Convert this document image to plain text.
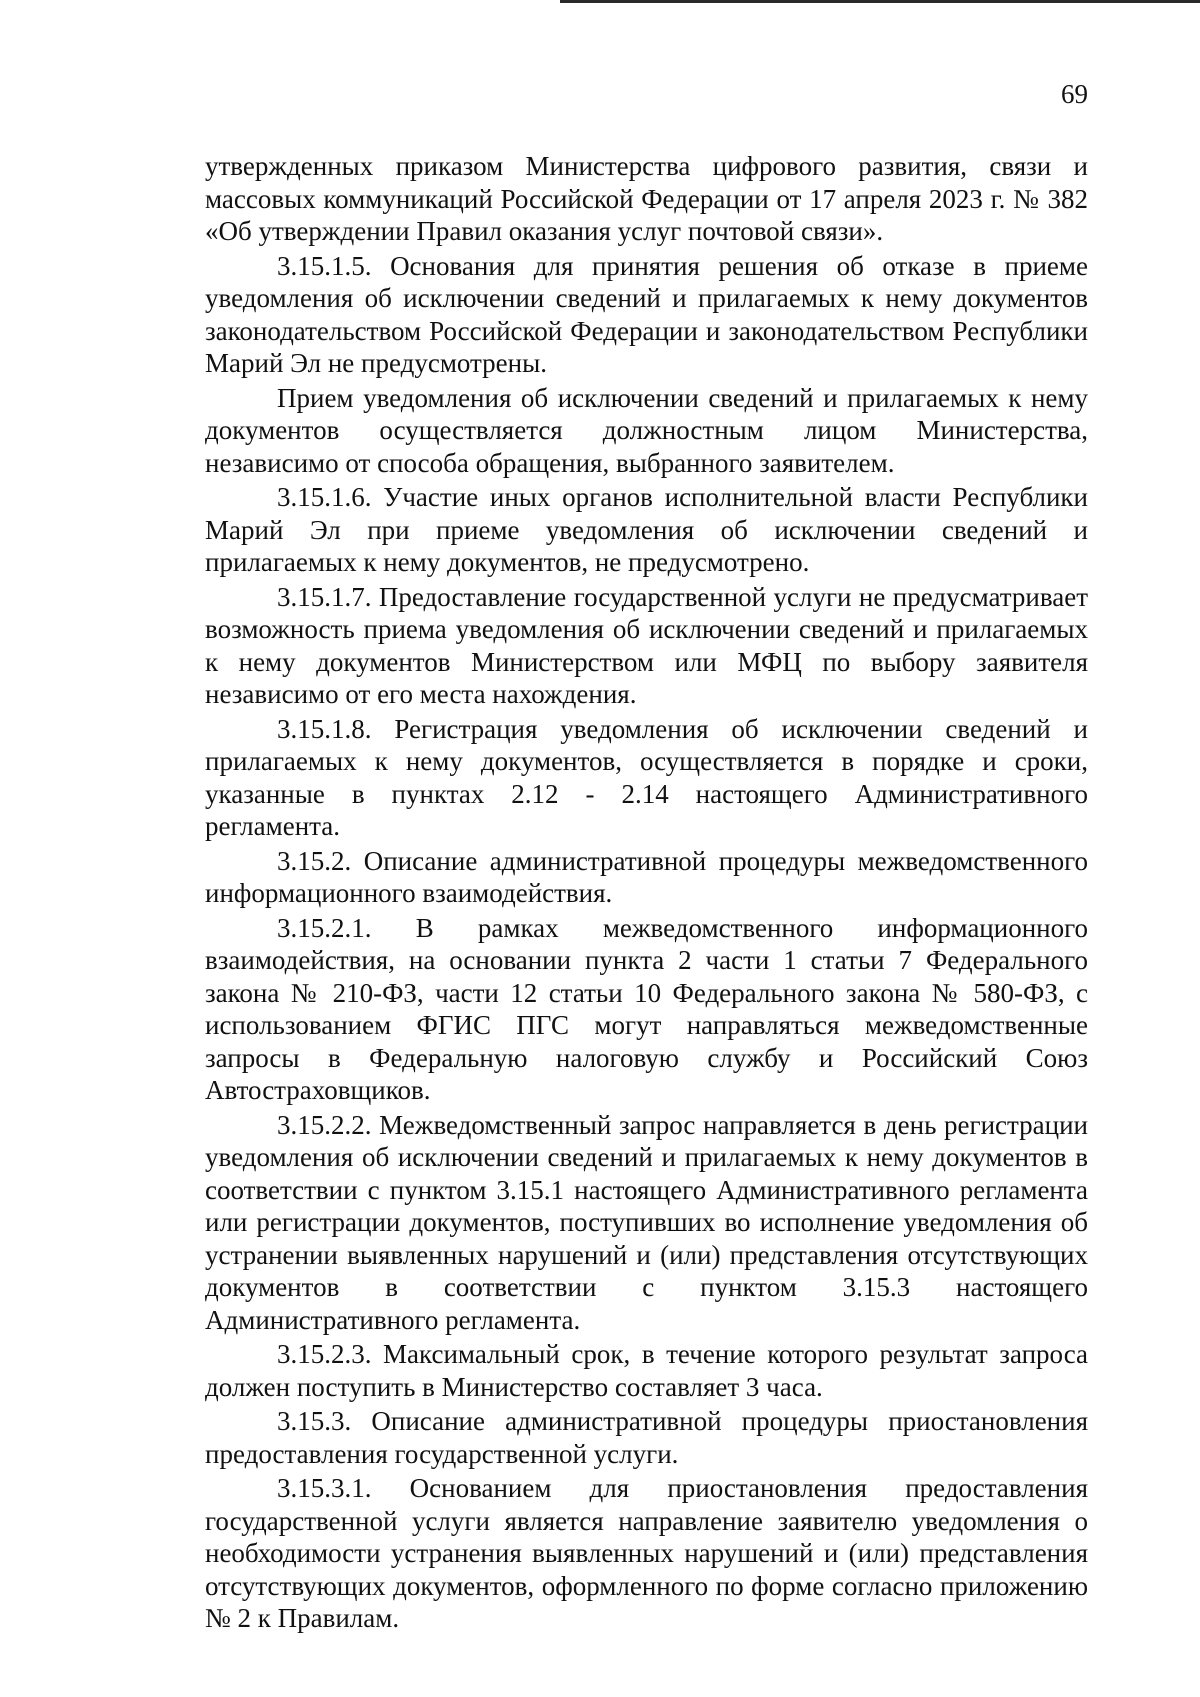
69

утвержденных приказом Министерства цифрового развития, связи и массовых коммуникаций Российской Федерации от 17 апреля 2023 г. № 382 «Об утверждении Правил оказания услуг почтовой связи».

3.15.1.5. Основания для принятия решения об отказе в приеме уведомления об исключении сведений и прилагаемых к нему документов законодательством Российской Федерации и законодательством Республики Марий Эл не предусмотрены.

Прием уведомления об исключении сведений и прилагаемых к нему документов осуществляется должностным лицом Министерства, независимо от способа обращения, выбранного заявителем.

3.15.1.6. Участие иных органов исполнительной власти Республики Марий Эл при приеме уведомления об исключении сведений и прилагаемых к нему документов, не предусмотрено.

3.15.1.7. Предоставление государственной услуги не предусматривает возможность приема уведомления об исключении сведений и прилагаемых к нему документов Министерством или МФЦ по выбору заявителя независимо от его места нахождения.

3.15.1.8. Регистрация уведомления об исключении сведений и прилагаемых к нему документов, осуществляется в порядке и сроки, указанные в пунктах 2.12 - 2.14 настоящего Административного регламента.

3.15.2. Описание административной процедуры межведомственного информационного взаимодействия.

3.15.2.1. В рамках межведомственного информационного взаимодействия, на основании пункта 2 части 1 статьи 7 Федерального закона № 210-ФЗ, части 12 статьи 10 Федерального закона № 580-ФЗ, с использованием ФГИС ПГС могут направляться межведомственные запросы в Федеральную налоговую службу и Российский Союз Автостраховщиков.

3.15.2.2. Межведомственный запрос направляется в день регистрации уведомления об исключении сведений и прилагаемых к нему документов в соответствии с пунктом 3.15.1 настоящего Административного регламента или регистрации документов, поступивших во исполнение уведомления об устранении выявленных нарушений и (или) представления отсутствующих документов в соответствии с пунктом 3.15.3 настоящего Административного регламента.

3.15.2.3. Максимальный срок, в течение которого результат запроса должен поступить в Министерство составляет 3 часа.

3.15.3. Описание административной процедуры приостановления предоставления государственной услуги.

3.15.3.1. Основанием для приостановления предоставления государственной услуги является направление заявителю уведомления о необходимости устранения выявленных нарушений и (или) представления отсутствующих документов, оформленного по форме согласно приложению № 2 к Правилам.
